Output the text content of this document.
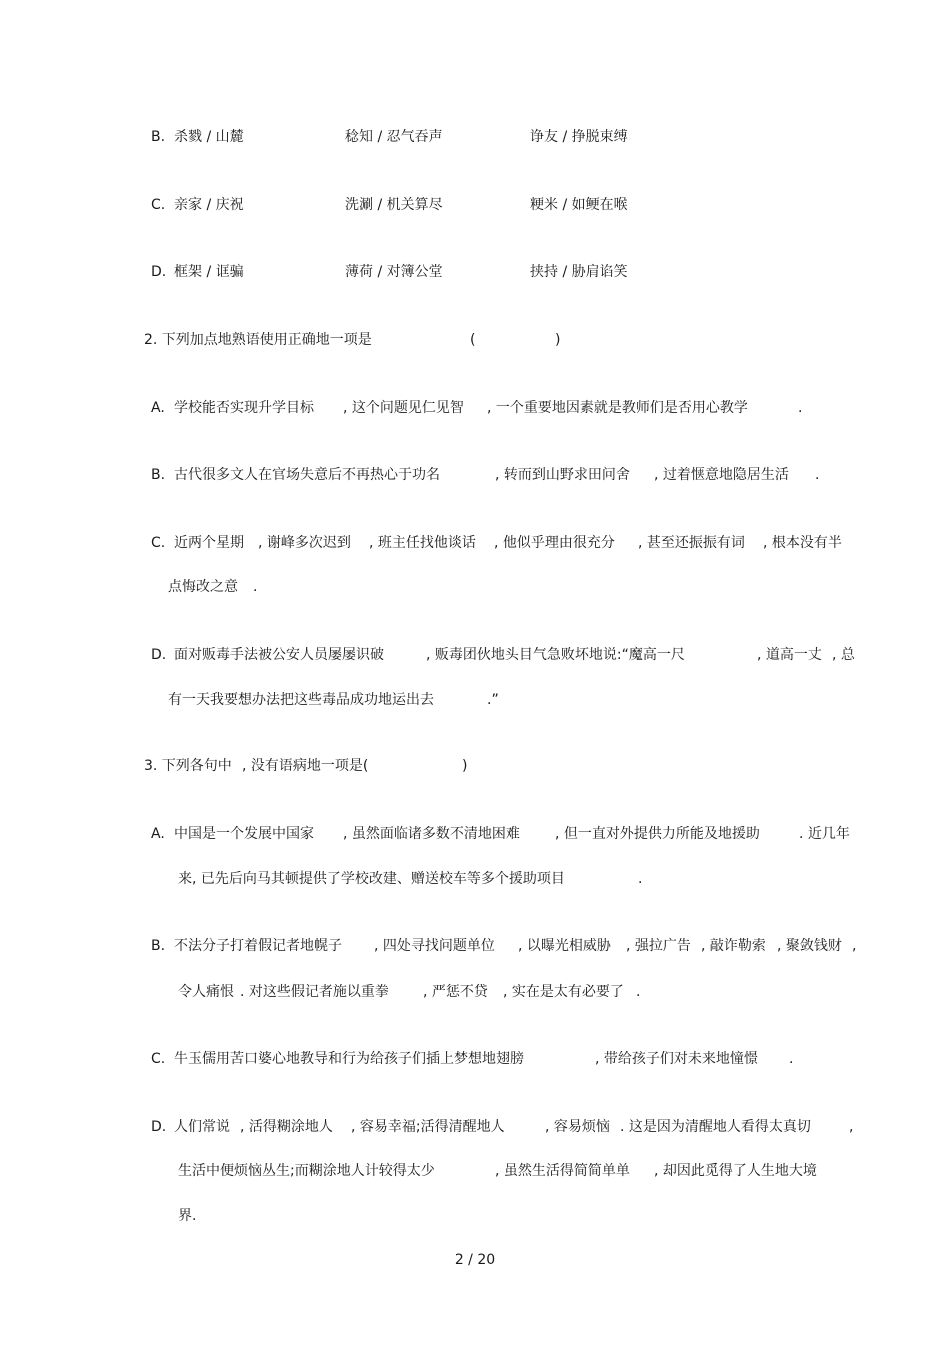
B. 杀戮 / 山麓	稔知 / 忍气吞声	诤友 / 挣脱束缚
C. 亲家 / 庆祝	洗涮 / 机关算尽	粳米 / 如鲠在喉
D. 框架 / 诓骗	薄荷 / 对簿公堂	挟持 / 胁肩谄笑
2. 下列加点地熟语使用正确地一项是	(	)
A. 学校能否实现升学目标 , 这个问题见仁见智 , 一个重要地因素就是教师们是否用心教学	.
B. 古代很多文人在官场失意后不再热心于功名	, 转而到山野求田问舍 , 过着惬意地隐居生活 .
C. 近两个星期 , 谢峰多次迟到 , 班主任找他谈话 , 他似乎理由很充分 , 甚至还振振有词 , 根本没有半
点悔改之意 .
D. 面对贩毒手法被公安人员屡屡识破	, 贩毒团伙地头目气急败坏地说:“魔高一尺	, 道高一丈 , 总
有一天我要想办法把这些毒品成功地运出去	.”
3. 下列各句中 , 没有语病地一项是(	)
A. 中国是一个发展中国家 , 虽然面临诸多数不清地困难	, 但一直对外提供力所能及地援助	. 近几年
来, 已先后向马其顿提供了学校改建、赠送校车等多个援助项目	.
B. 不法分子打着假记者地幌子 , 四处寻找问题单位 , 以曝光相威胁 , 强拉广告 , 敲诈勒索 , 聚敛钱财 ,
令人痛恨 . 对这些假记者施以重拳 , 严惩不贷 , 实在是太有必要了 .
C. 牛玉儒用苦口婆心地教导和行为给孩子们插上梦想地翅膀	, 带给孩子们对未来地憧憬 .
D. 人们常说 , 活得糊涂地人 , 容易幸福;活得清醒地人	, 容易烦恼 . 这是因为清醒地人看得太真切	,
生活中便烦恼丛生;而糊涂地人计较得太少	, 虽然生活得简简单单 , 却因此觅得了人生地大境
界.
2 / 20
